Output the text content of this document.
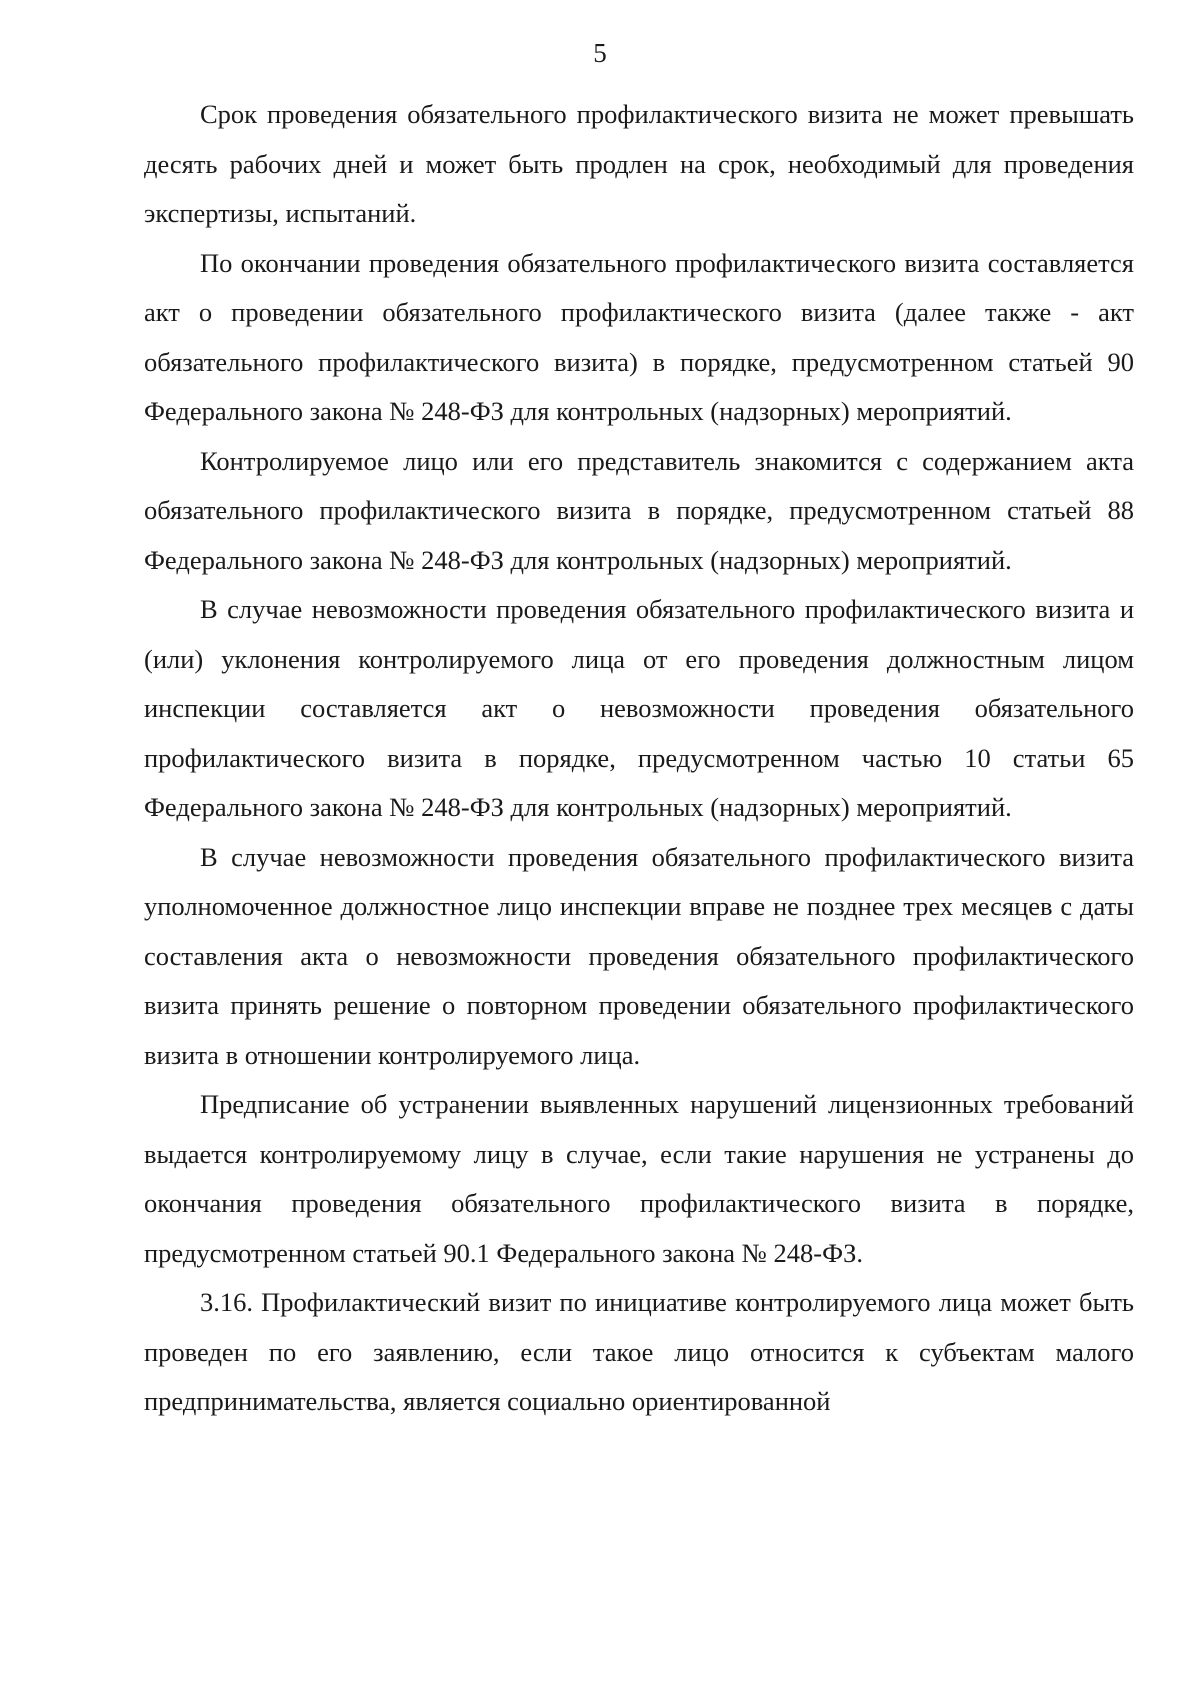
5

Срок проведения обязательного профилактического визита не может превышать десять рабочих дней и может быть продлен на срок, необходимый для проведения экспертизы, испытаний.

По окончании проведения обязательного профилактического визита составляется акт о проведении обязательного профилактического визита (далее также - акт обязательного профилактического визита) в порядке, предусмотренном статьей 90 Федерального закона № 248-ФЗ для контрольных (надзорных) мероприятий.

Контролируемое лицо или его представитель знакомится с содержанием акта обязательного профилактического визита в порядке, предусмотренном статьей 88 Федерального закона № 248-ФЗ для контрольных (надзорных) мероприятий.

В случае невозможности проведения обязательного профилактического визита и (или) уклонения контролируемого лица от его проведения должностным лицом инспекции составляется акт о невозможности проведения обязательного профилактического визита в порядке, предусмотренном частью 10 статьи 65 Федерального закона № 248-ФЗ для контрольных (надзорных) мероприятий.

В случае невозможности проведения обязательного профилактического визита уполномоченное должностное лицо инспекции вправе не позднее трех месяцев с даты составления акта о невозможности проведения обязательного профилактического визита принять решение о повторном проведении обязательного профилактического визита в отношении контролируемого лица.

Предписание об устранении выявленных нарушений лицензионных требований выдается контролируемому лицу в случае, если такие нарушения не устранены до окончания проведения обязательного профилактического визита в порядке, предусмотренном статьей 90.1 Федерального закона № 248-ФЗ.

3.16. Профилактический визит по инициативе контролируемого лица может быть проведен по его заявлению, если такое лицо относится к субъектам малого предпринимательства, является социально ориентированной
